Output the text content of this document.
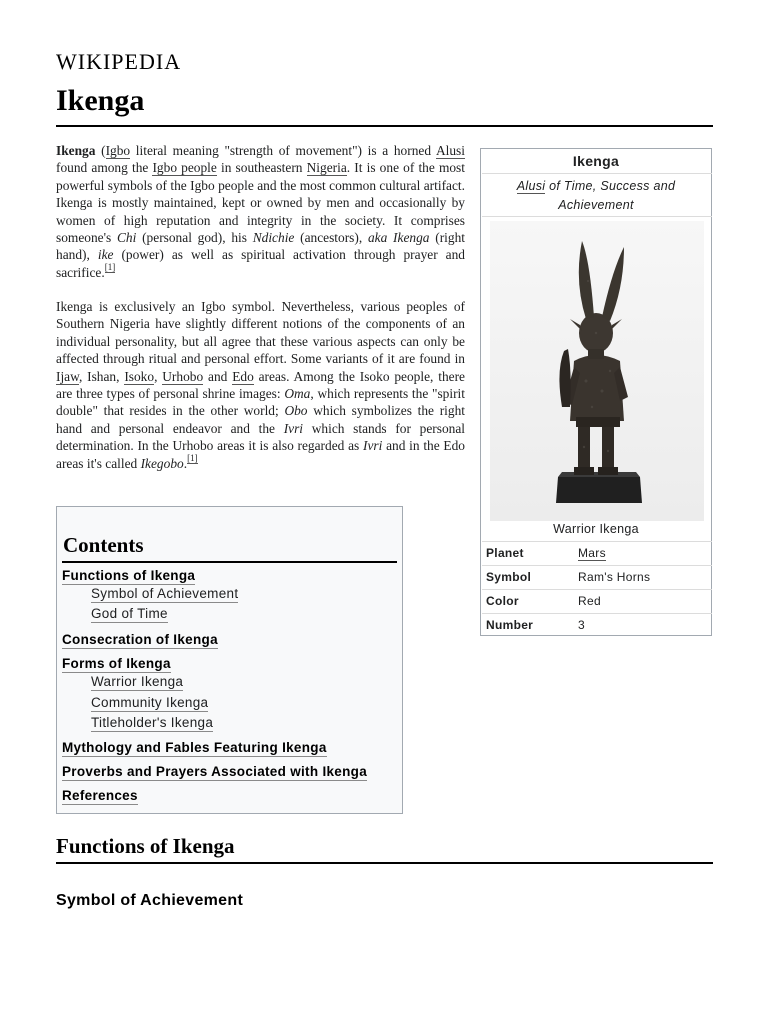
WIKIPEDIA
Ikenga

Ikenga (Igbo literal meaning "strength of movement") is a horned Alusi found among the Igbo people in southeastern Nigeria. It is one of the most powerful symbols of the Igbo people and the most common cultural artifact. Ikenga is mostly maintained, kept or owned by men and occasionally by women of high reputation and integrity in the society. It comprises someone's Chi (personal god), his Ndichie (ancestors), aka Ikenga (right hand), ike (power) as well as spiritual activation through prayer and sacrifice.[1]

Ikenga is exclusively an Igbo symbol. Nevertheless, various peoples of Southern Nigeria have slightly different notions of the components of an individual personality, but all agree that these various aspects can only be affected through ritual and personal effort. Some variants of it are found in Ijaw, Ishan, Isoko, Urhobo and Edo areas. Among the Isoko people, there are three types of personal shrine images: Oma, which represents the "spirit double" that resides in the other world; Obo which symbolizes the right hand and personal endeavor and the Ivri which stands for personal determination. In the Urhobo areas it is also regarded as Ivri and in the Edo areas it's called Ikegobo.[1]

Ikenga
Alusi of Time, Success and Achievement
Warrior Ikenga
Planet	Mars
Symbol	Ram's Horns
Color	Red
Number	3
Contents
Functions of Ikenga
Symbol of Achievement
God of Time
Consecration of Ikenga
Forms of Ikenga
Warrior Ikenga
Community Ikenga
Titleholder's Ikenga
Mythology and Fables Featuring Ikenga
Proverbs and Prayers Associated with Ikenga
References
Functions of Ikenga
Symbol of Achievement
